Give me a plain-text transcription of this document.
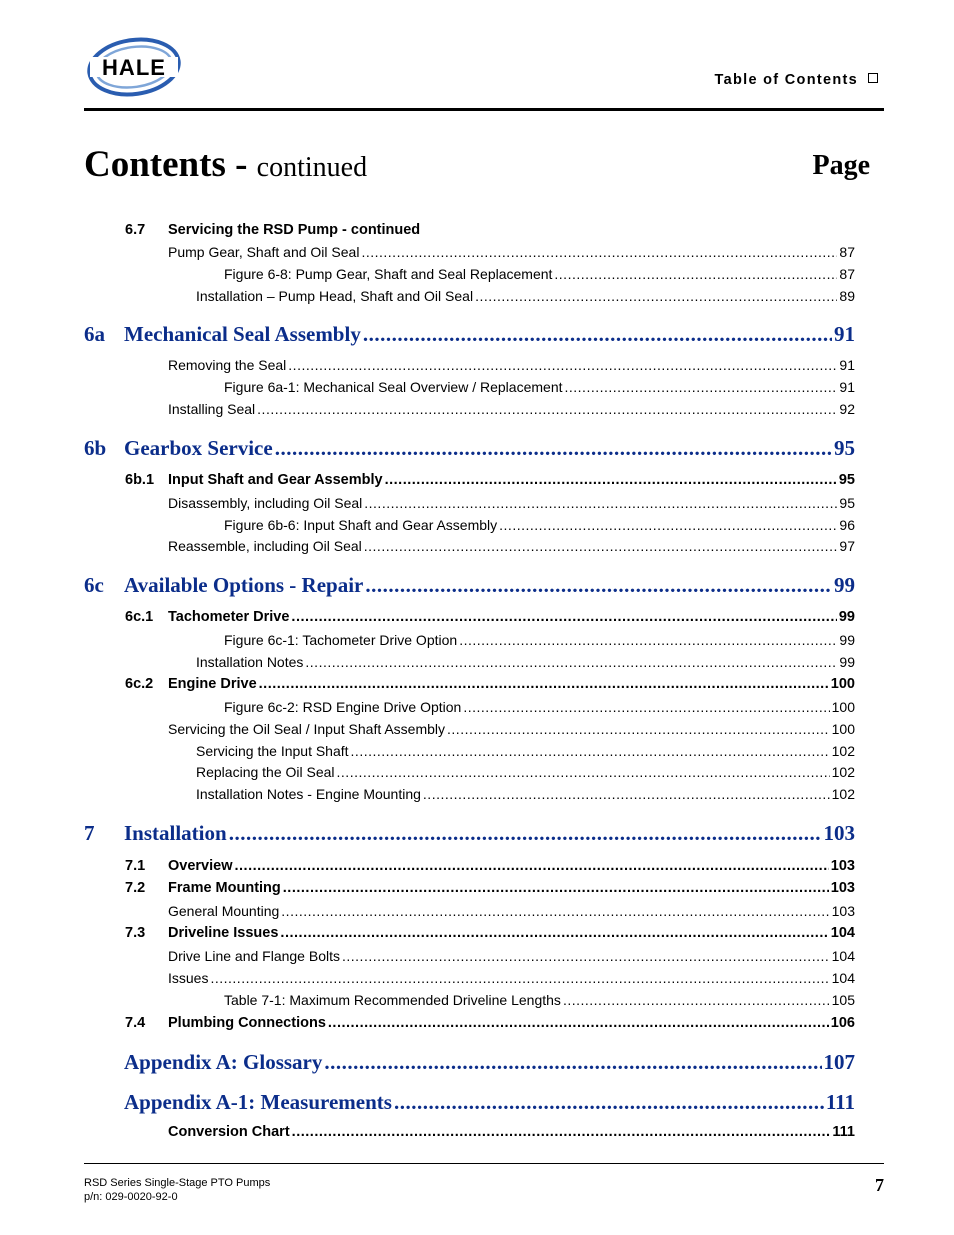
HALE	Table of Contents
Contents - continued	Page
6.7	Servicing the RSD Pump - continued
Pump Gear, Shaft and Oil Seal .....	87
Figure 6-8: Pump Gear, Shaft and Seal Replacement .....	87
Installation – Pump Head, Shaft and Oil Seal .....	89
6a Mechanical Seal Assembly .....	91
Removing the Seal .....	91
Figure 6a-1: Mechanical Seal Overview / Replacement .....	91
Installing Seal .....	92
6b Gearbox Service .....	95
6b.1 Input Shaft and Gear Assembly .....	95
Disassembly, including Oil Seal .....	95
Figure 6b-6: Input Shaft and Gear Assembly .....	96
Reassemble, including Oil Seal .....	97
6c Available Options - Repair .....	99
6c.1	Tachometer Drive .....	99
Figure 6c-1: Tachometer Drive Option .....	99
Installation Notes .....	99
6c.2	Engine Drive .....	100
Figure 6c-2: RSD Engine Drive Option .....	100
Servicing the Oil Seal / Input Shaft Assembly .....	100
Servicing the Input Shaft .....	102
Replacing the Oil Seal .....	102
Installation Notes - Engine Mounting .....	102
7	Installation .....	103
7.1	Overview .....	103
7.2	Frame Mounting .....	103
General Mounting .....	103
7.3	Driveline Issues .....	104
Drive Line and Flange Bolts .....	104
Issues .....	104
Table 7-1: Maximum Recommended Driveline Lengths .....	105
7.4	Plumbing Connections .....	106
Appendix A: Glossary .....	107
Appendix A-1: Measurements .....	111
Conversion Chart .....	111
RSD Series Single-Stage PTO Pumps
p/n: 029-0020-92-0
7
